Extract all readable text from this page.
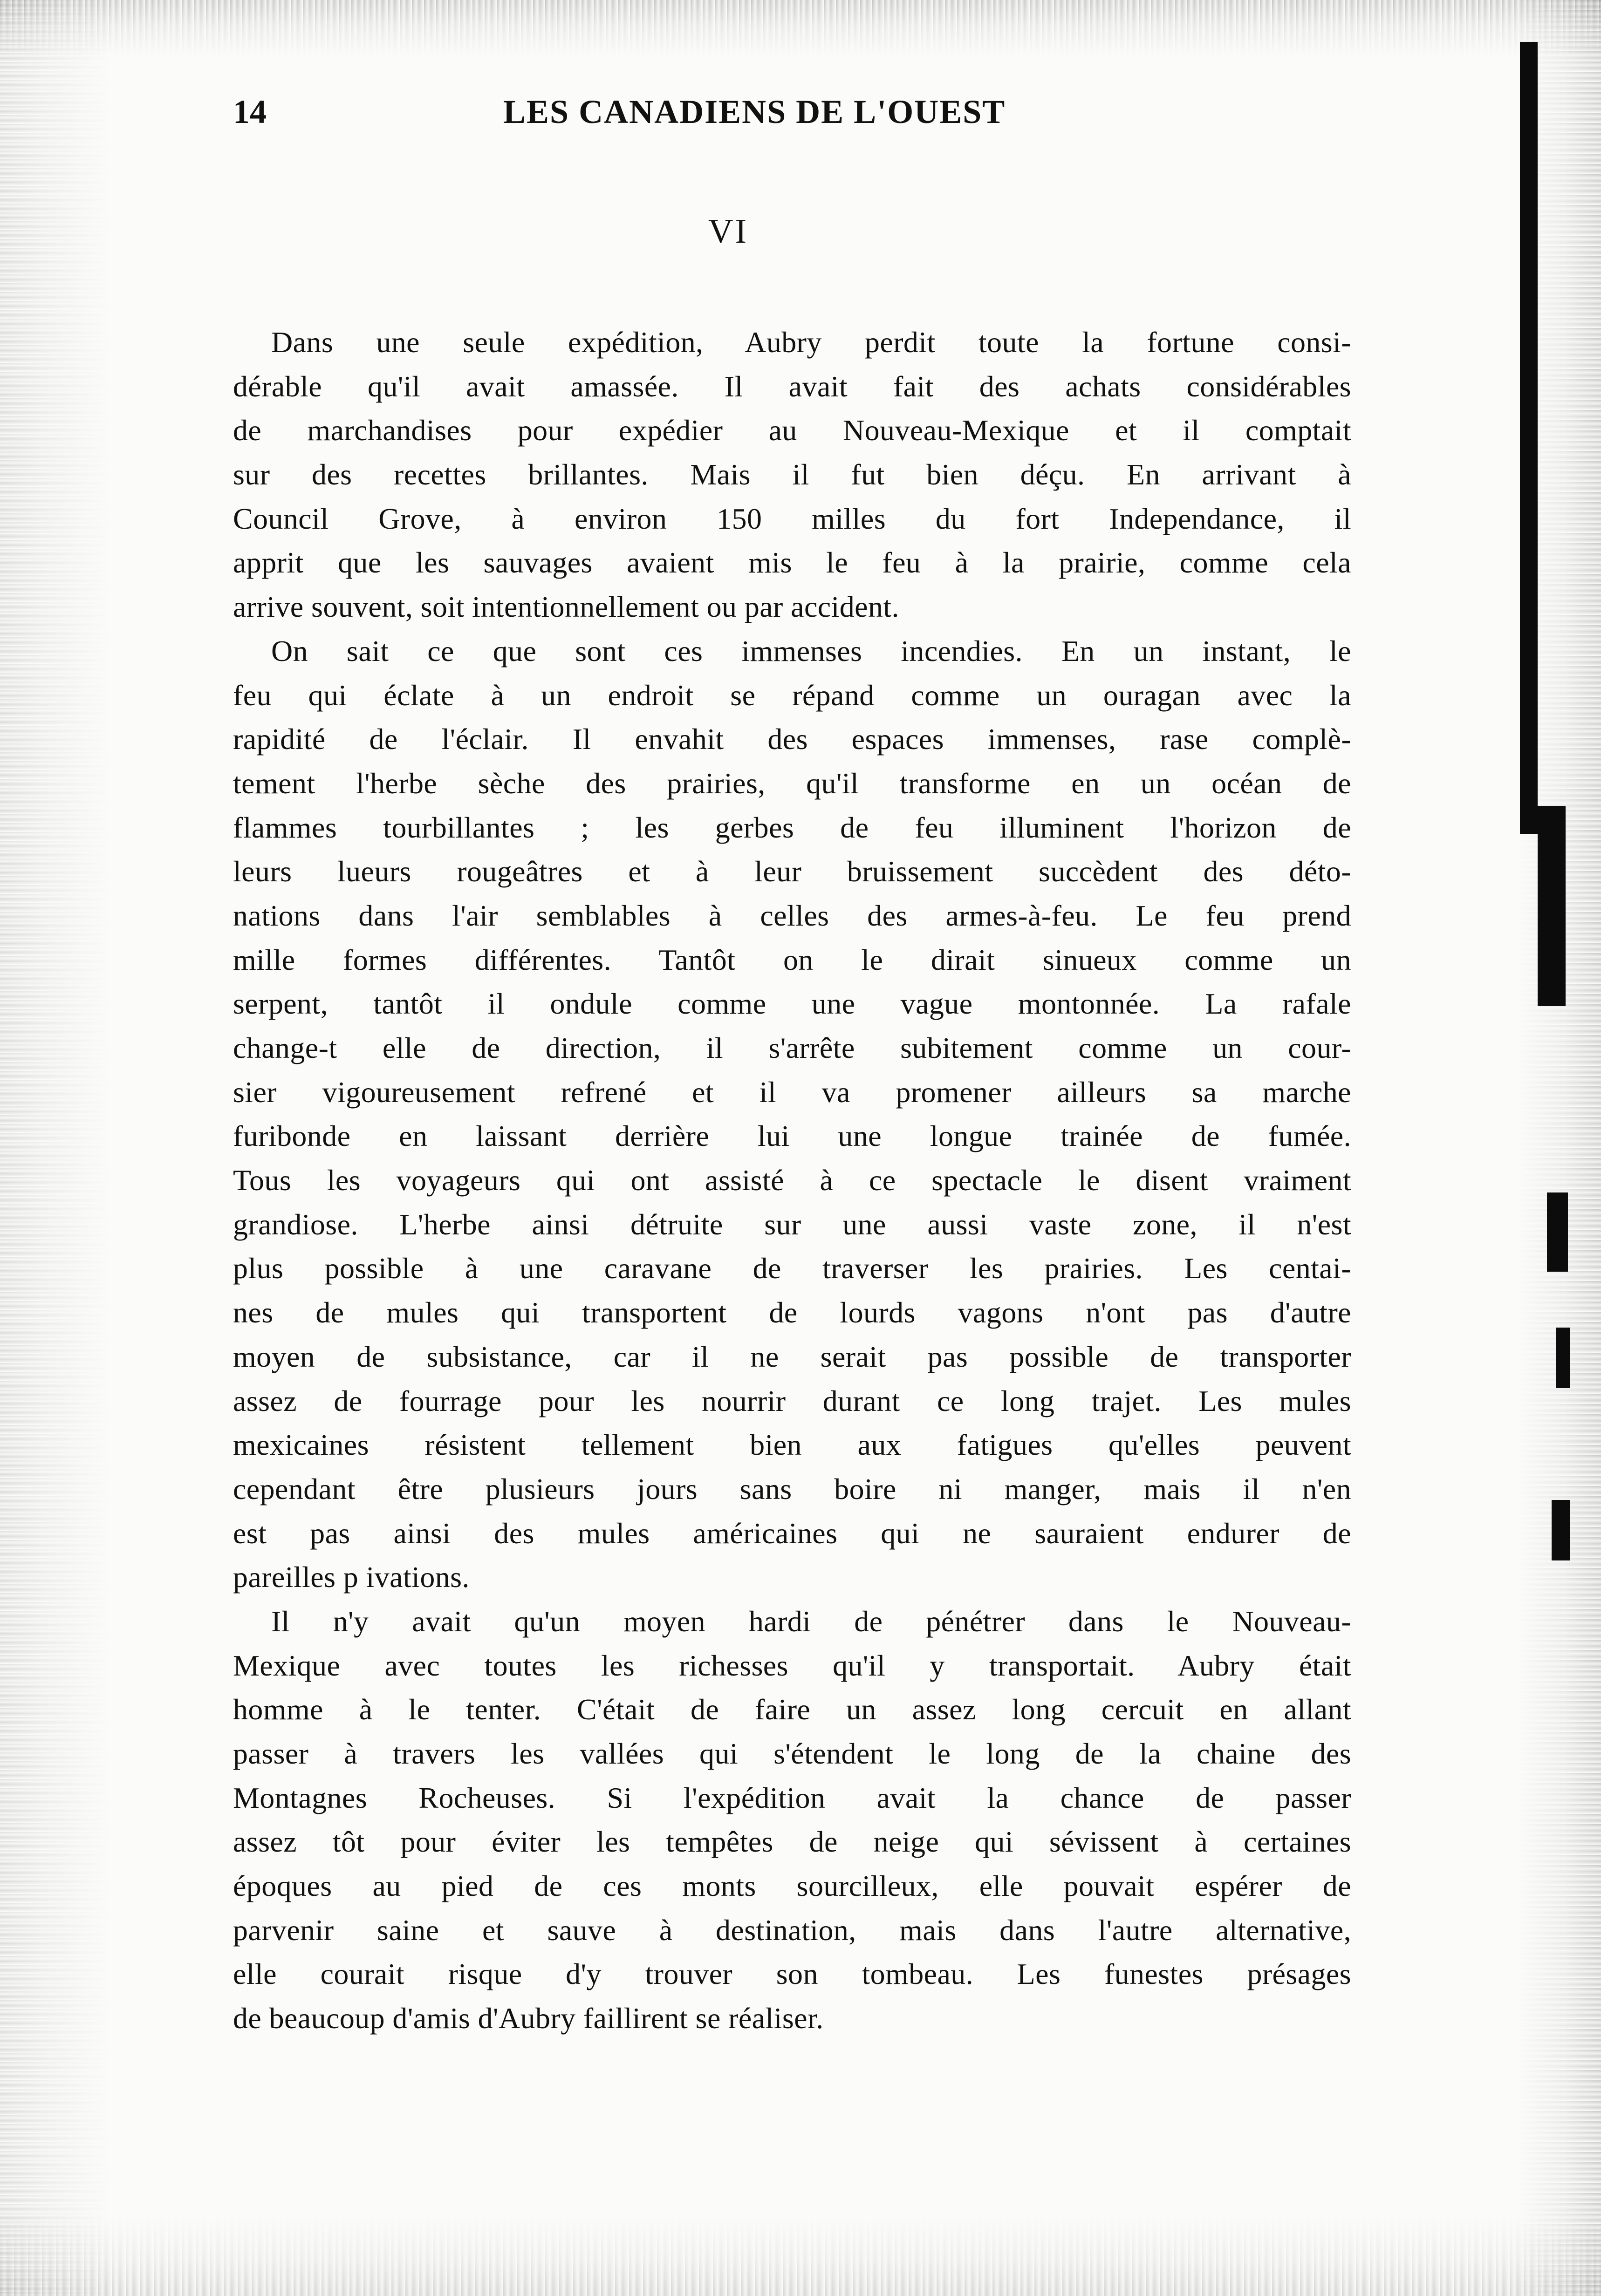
14	LES CANADIENS DE L'OUEST
VI
Dans une seule expédition, Aubry perdit toute la fortune consi-
dérable qu'il avait amassée. Il avait fait des achats considérables
de marchandises pour expédier au Nouveau-Mexique et il comptait
sur des recettes brillantes. Mais il fut bien déçu. En arrivant à
Council Grove, à environ 150 milles du fort Independance, il
apprit que les sauvages avaient mis le feu à la prairie, comme cela
arrive souvent, soit intentionnellement ou par accident.
On sait ce que sont ces immenses incendies. En un instant, le
feu qui éclate à un endroit se répand comme un ouragan avec la
rapidité de l'éclair. Il envahit des espaces immenses, rase complè-
tement l'herbe sèche des prairies, qu'il transforme en un océan de
flammes tourbillantes ; les gerbes de feu illuminent l'horizon de
leurs lueurs rougeâtres et à leur bruissement succèdent des déto-
nations dans l'air semblables à celles des armes-à-feu. Le feu prend
mille formes différentes. Tantôt on le dirait sinueux comme un
serpent, tantôt il ondule comme une vague montonnée. La rafale
change-t elle de direction, il s'arrête subitement comme un cour-
sier vigoureusement refrené et il va promener ailleurs sa marche
furibonde en laissant derrière lui une longue trainée de fumée.
Tous les voyageurs qui ont assisté à ce spectacle le disent vraiment
grandiose. L'herbe ainsi détruite sur une aussi vaste zone, il n'est
plus possible à une caravane de traverser les prairies. Les centai-
nes de mules qui transportent de lourds vagons n'ont pas d'autre
moyen de subsistance, car il ne serait pas possible de transporter
assez de fourrage pour les nourrir durant ce long trajet. Les mules
mexicaines résistent tellement bien aux fatigues qu'elles peuvent
cependant être plusieurs jours sans boire ni manger, mais il n'en
est pas ainsi des mules américaines qui ne sauraient endurer de
pareilles p ivations.
Il n'y avait qu'un moyen hardi de pénétrer dans le Nouveau-
Mexique avec toutes les richesses qu'il y transportait. Aubry était
homme à le tenter. C'était de faire un assez long cercuit en allant
passer à travers les vallées qui s'étendent le long de la chaine des
Montagnes Rocheuses. Si l'expédition avait la chance de passer
assez tôt pour éviter les tempêtes de neige qui sévissent à certaines
époques au pied de ces monts sourcilleux, elle pouvait espérer de
parvenir saine et sauve à destination, mais dans l'autre alternative,
elle courait risque d'y trouver son tombeau. Les funestes présages
de beaucoup d'amis d'Aubry faillirent se réaliser.
